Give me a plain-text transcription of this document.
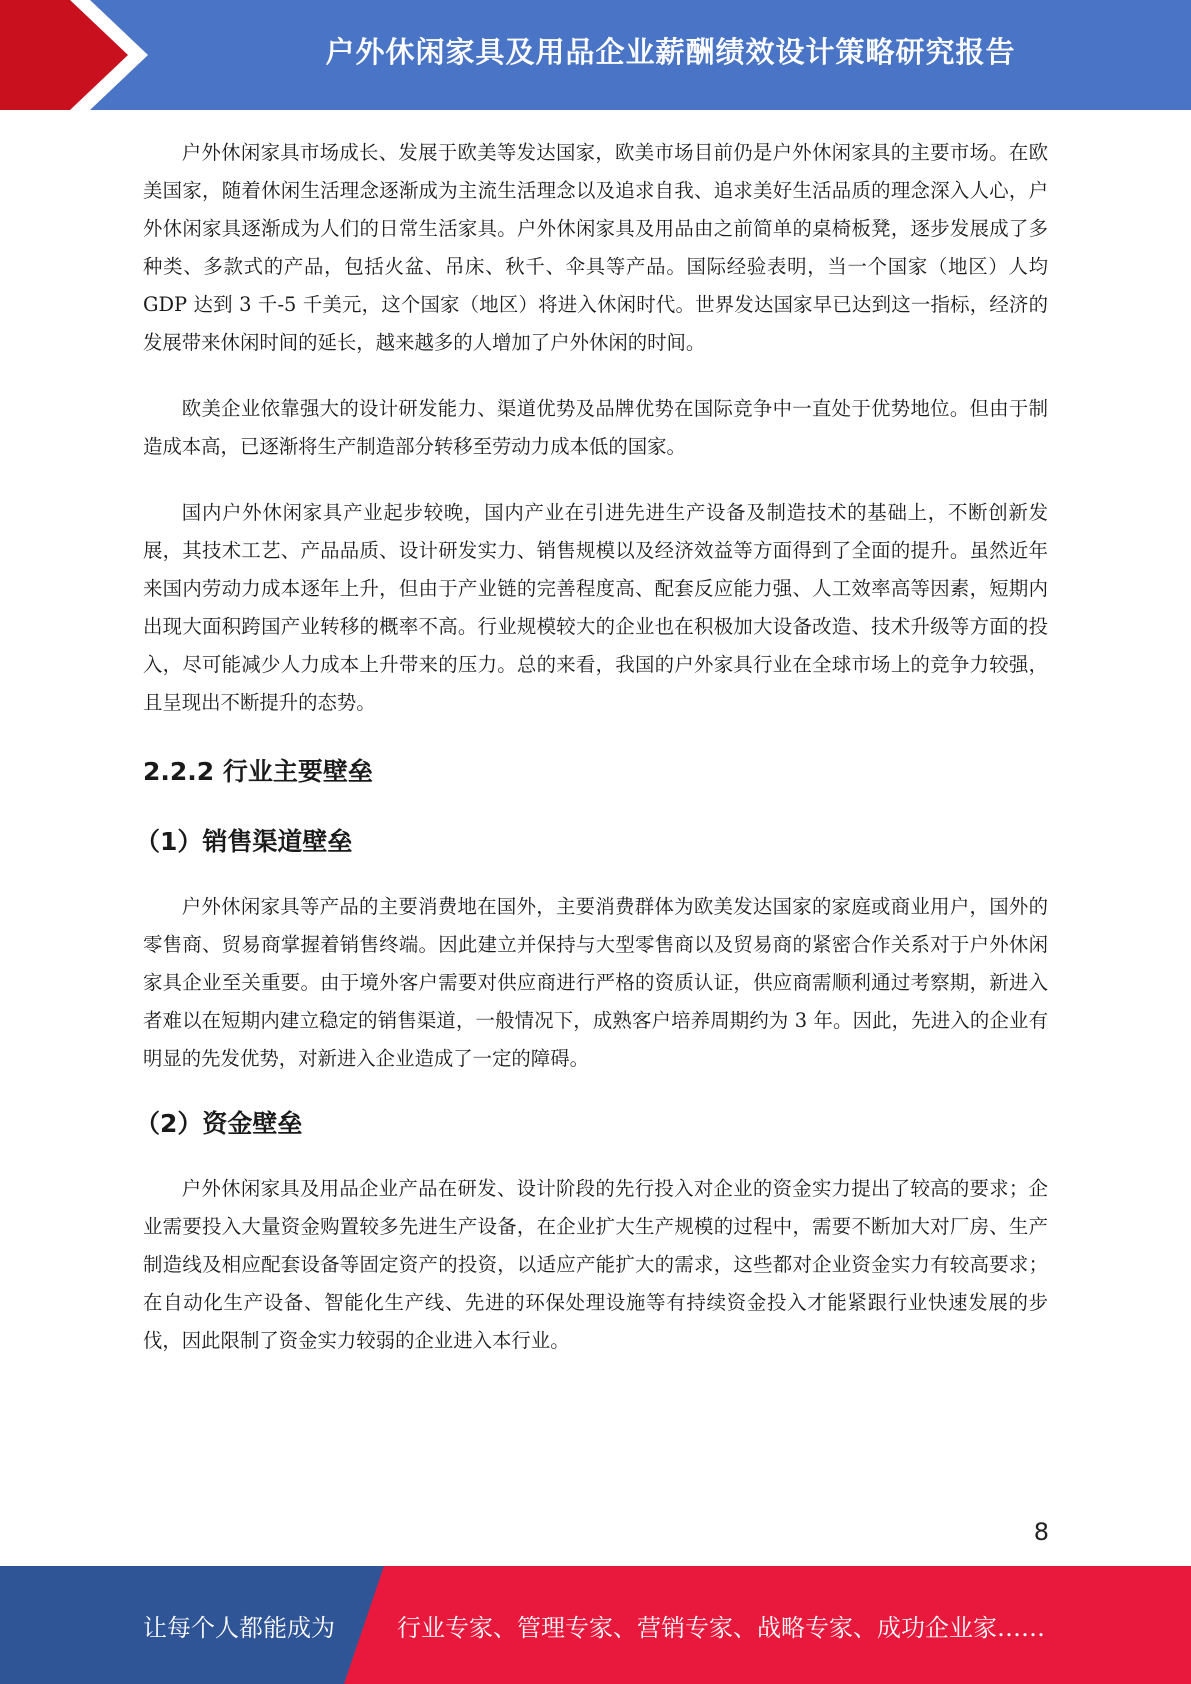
户外休闲家具及用品企业薪酬绩效设计策略研究报告

户外休闲家具市场成长、发展于欧美等发达国家，欧美市场目前仍是户外休闲家具的主要市场。在欧美国家，随着休闲生活理念逐渐成为主流生活理念以及追求自我、追求美好生活品质的理念深入人心，户外休闲家具逐渐成为人们的日常生活家具。户外休闲家具及用品由之前简单的桌椅板凳，逐步发展成了多种类、多款式的产品，包括火盆、吊床、秋千、伞具等产品。国际经验表明，当一个国家（地区）人均 GDP 达到 3 千-5 千美元，这个国家（地区）将进入休闲时代。世界发达国家早已达到这一指标，经济的发展带来休闲时间的延长，越来越多的人增加了户外休闲的时间。

欧美企业依靠强大的设计研发能力、渠道优势及品牌优势在国际竞争中一直处于优势地位。但由于制造成本高，已逐渐将生产制造部分转移至劳动力成本低的国家。

国内户外休闲家具产业起步较晚，国内产业在引进先进生产设备及制造技术的基础上，不断创新发展，其技术工艺、产品品质、设计研发实力、销售规模以及经济效益等方面得到了全面的提升。虽然近年来国内劳动力成本逐年上升，但由于产业链的完善程度高、配套反应能力强、人工效率高等因素，短期内出现大面积跨国产业转移的概率不高。行业规模较大的企业也在积极加大设备改造、技术升级等方面的投入，尽可能减少人力成本上升带来的压力。总的来看，我国的户外家具行业在全球市场上的竞争力较强，且呈现出不断提升的态势。

2.2.2 行业主要壁垒
（1）销售渠道壁垒

户外休闲家具等产品的主要消费地在国外，主要消费群体为欧美发达国家的家庭或商业用户，国外的零售商、贸易商掌握着销售终端。因此建立并保持与大型零售商以及贸易商的紧密合作关系对于户外休闲家具企业至关重要。由于境外客户需要对供应商进行严格的资质认证，供应商需顺利通过考察期，新进入者难以在短期内建立稳定的销售渠道，一般情况下，成熟客户培养周期约为 3 年。因此，先进入的企业有明显的先发优势，对新进入企业造成了一定的障碍。

（2）资金壁垒

户外休闲家具及用品企业产品在研发、设计阶段的先行投入对企业的资金实力提出了较高的要求；企业需要投入大量资金购置较多先进生产设备，在企业扩大生产规模的过程中，需要不断加大对厂房、生产制造线及相应配套设备等固定资产的投资，以适应产能扩大的需求，这些都对企业资金实力有较高要求；在自动化生产设备、智能化生产线、先进的环保处理设施等有持续资金投入才能紧跟行业快速发展的步伐，因此限制了资金实力较弱的企业进入本行业。

8
让每个人都能成为	行业专家、管理专家、营销专家、战略专家、成功企业家……
